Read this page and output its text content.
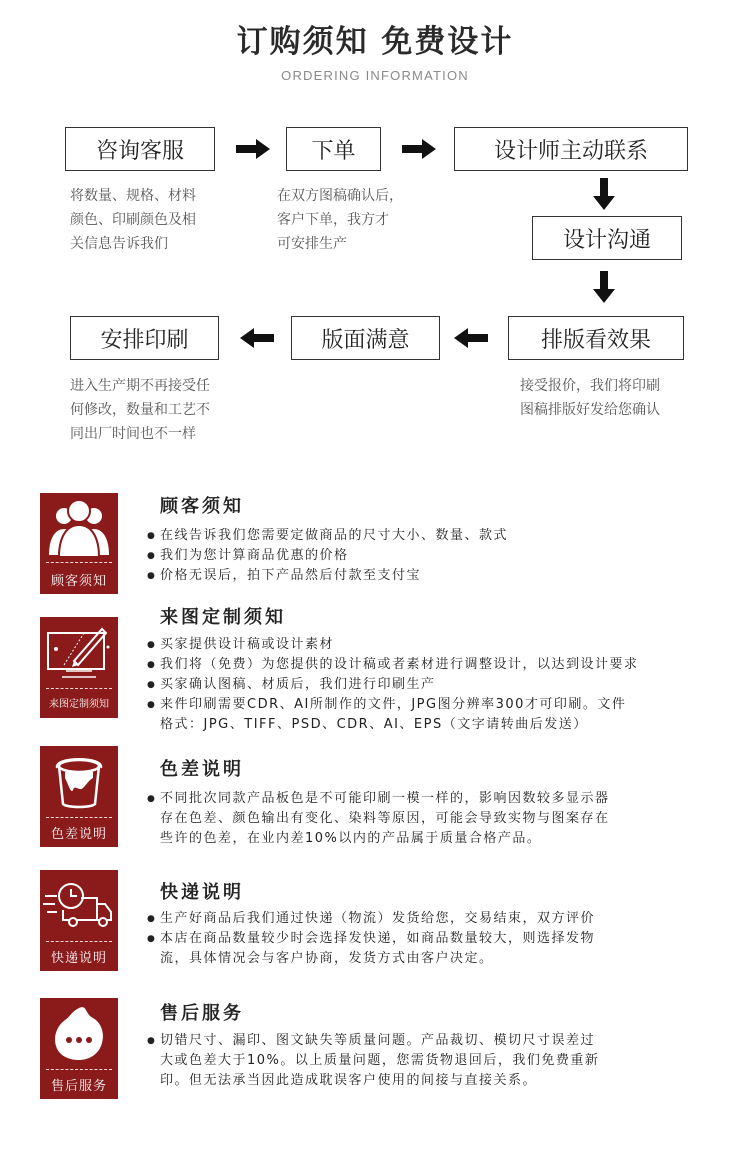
订购须知 免费设计
ORDERING INFORMATION
咨询客服	下单	设计师主动联系
将数量、规格、材料
颜色、印刷颜色及相
关信息告诉我们
在双方图稿确认后，
客户下单，我方才
可安排生产	设计沟通
安排印刷	版面满意	排版看效果
进入生产期不再接受任
何修改，数量和工艺不
同出厂时间也不一样
接受报价，我们将印刷
图稿排版好发给您确认
顾客须知
顾客须知
● 在线告诉我们您需要定做商品的尺寸大小、数量、款式
● 我们为您计算商品优惠的价格
● 价格无误后，拍下产品然后付款至支付宝
来图定制须知
来图定制须知
● 买家提供设计稿或设计素材
● 我们将（免费）为您提供的设计稿或者素材进行调整设计，以达到设计要求
● 买家确认图稿、材质后，我们进行印刷生产
● 来件印刷需要CDR、AI所制作的文件，JPG图分辨率300才可印刷。文件
格式：JPG、TIFF、PSD、CDR、AI、EPS（文字请转曲后发送）
色差说明
色差说明
● 不同批次同款产品板色是不可能印刷一模一样的，影响因数较多显示器
存在色差、颜色输出有变化、染料等原因，可能会导致实物与图案存在
些许的色差，在业内差10%以内的产品属于质量合格产品。
快递说明
快递说明
● 生产好商品后我们通过快递（物流）发货给您，交易结束，双方评价
● 本店在商品数量较少时会选择发快递，如商品数量较大，则选择发物
流，具体情况会与客户协商，发货方式由客户决定。
售后服务
售后服务
● 切错尺寸、漏印、图文缺失等质量问题。产品裁切、模切尺寸误差过
大或色差大于10%。以上质量问题，您需货物退回后，我们免费重新
印。但无法承当因此造成耽误客户使用的间接与直接关系。
